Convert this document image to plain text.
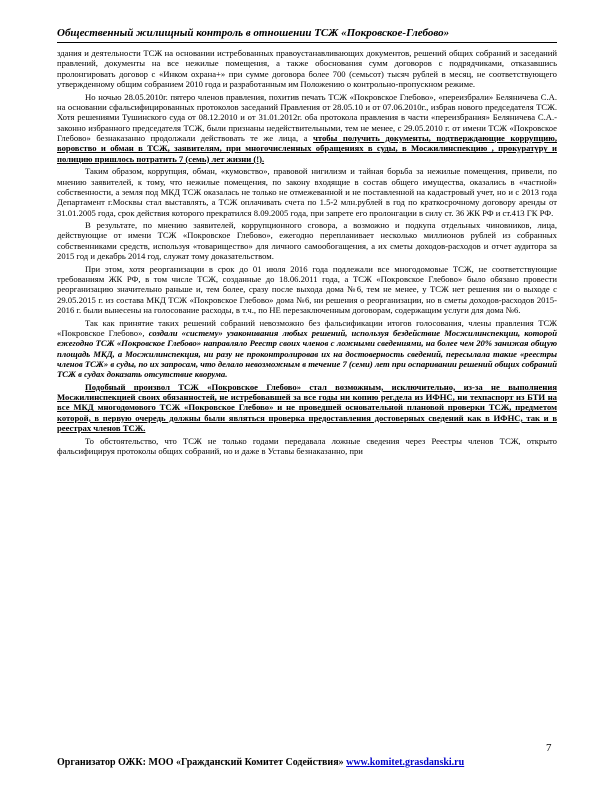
Общественный жилищный контроль в отношении ТСЖ «Покровское-Глебово»

здания и деятельности ТСЖ на основании истребованных правоустанавливающих документов, решений общих собраний и заседаний правлений, документы на все нежилые помещения, а также обоснования сумм договоров с подрядчиками, отказавшись пролонгировать договор с «Инком охрана+» при сумме договора более 700 (семьсот) тысяч рублей в месяц, не соответствующего утвержденному общим собранием 2010 года и разработанным им Положению о контрольно-пропускном режиме.

Но ночью 28.05.2010г. пятеро членов правления, похитив печать ТСЖ «Покровское Глебово», «переизбрали» Беляничева С.А. на основании сфальсифицированных протоколов заседаний Правления от 28.05.10 и от 07.06.2010г., избрав нового председателя ТСЖ. Хотя решениями Тушинского суда от 08.12.2010 и от 31.01.2012г. оба протокола правления в части «переизбрания» Беляничева С.А.- законно избранного председателя ТСЖ, были признаны недействительными, тем не менее, с 29.05.2010 г. от имени ТСЖ «Покровское Глебово» безнаказанно продолжали действовать те же лица, а чтобы получить документы, подтверждающие коррупцию, воровство и обман в ТСЖ, заявителям, при многочисленных обращениях в суды, в Мосжилинспекцию , прокуратуру и полицию пришлось потратить 7 (семь) лет жизни (!).

Таким образом, коррупция, обман, «кумовство», правовой нигилизм и тайная борьба за нежилые помещения, привели, по мнению заявителей, к тому, что нежилые помещения, по закону входящие в состав общего имущества, оказались в «частной» собственности, а земля под МКД ТСЖ оказалась не только не отмежеванной и не поставленной на кадастровый учет, но и с 2013 года Департамент г.Москвы стал выставлять, а ТСЖ оплачивать счета по 1.5-2 млн.рублей в год по краткосрочному договору аренды от 31.01.2005 года, срок действия которого прекратился 8.09.2005 года, при запрете его пролонгации в силу ст. 36 ЖК РФ и ст.413 ГК РФ.

В результате, по мнению заявителей, коррупционного сговора, а возможно и подкупа отдельных чиновников, лица, действующие от имени ТСЖ «Покровское Глебово», ежегодно перепланивает несколько миллионов рублей из собранных собственниками средств, используя «товарищество» для личного самообогащения, а их сметы доходов-расходов и отчет аудитора за 2015 год и декабрь 2014 год, служат тому доказательством.

При этом, хотя реорганизации в срок до 01 июля 2016 года подлежали все многодомовые ТСЖ, не соответствующие требованиям ЖК РФ, в том числе ТСЖ, созданные до 18.06.2011 года, а ТСЖ «Покровское Глебово» было обязано провести реорганизацию значительно раньше и, тем более, сразу после выхода дома №6, тем не менее, у ТСЖ нет решения ни о выходе с 29.05.2015 г. из состава МКД ТСЖ «Покровское Глебово» дома №6, ни решения о реорганизации, но в сметы доходов-расходов 2015-2016 г. были вынесены на голосование расходы, в т.ч., по НЕ перезаключенным договорам, содержащим услуги для дома №6.

Так как принятие таких решений собраний невозможно без фальсификации итогов голосования, члены правления ТСЖ «Покровское Глебово», создали «систему» узаконивания любых решений, используя бездействие Мосжилинспекции, которой ежегодно ТСЖ «Покровское Глебово» направляло Реестр своих членов с ложными сведениями, на более чем 20% занижая общую площадь МКД, а Мосжилинспекция, ни разу не проконтролировав их на достоверность сведений, пересылала такие «реестры членов ТСЖ» в суды, по их запросам, что делало невозможным в течение 7 (семи) лет при оспаривании решений общих собраний ТСЖ в судах доказать отсутствие кворума.

Подобный произвол ТСЖ «Покровское Глебово» стал возможным, исключительно, из-за не выполнения Мосжилинспекцией своих обязанностей, не истребовавшей за все годы ни копию рег.дела из ИФНС, ни техпаспорт из БТИ на все МКД многодомового ТСЖ «Покровское Глебово» и не проведшей основательной плановой проверки ТСЖ, предметом которой, в первую очередь должны были являться проверка предоставления достоверных сведений как в ИФНС, так и в реестрах членов ТСЖ.

То обстоятельство, что ТСЖ не только годами передавала ложные сведения через Реестры членов ТСЖ, открыто фальсифицируя протоколы общих собраний, но и даже в Уставы безнаказанно, при

7
Организатор ОЖК: МОО «Гражданский Комитет Содействия» www.komitet.grasdanski.ru
